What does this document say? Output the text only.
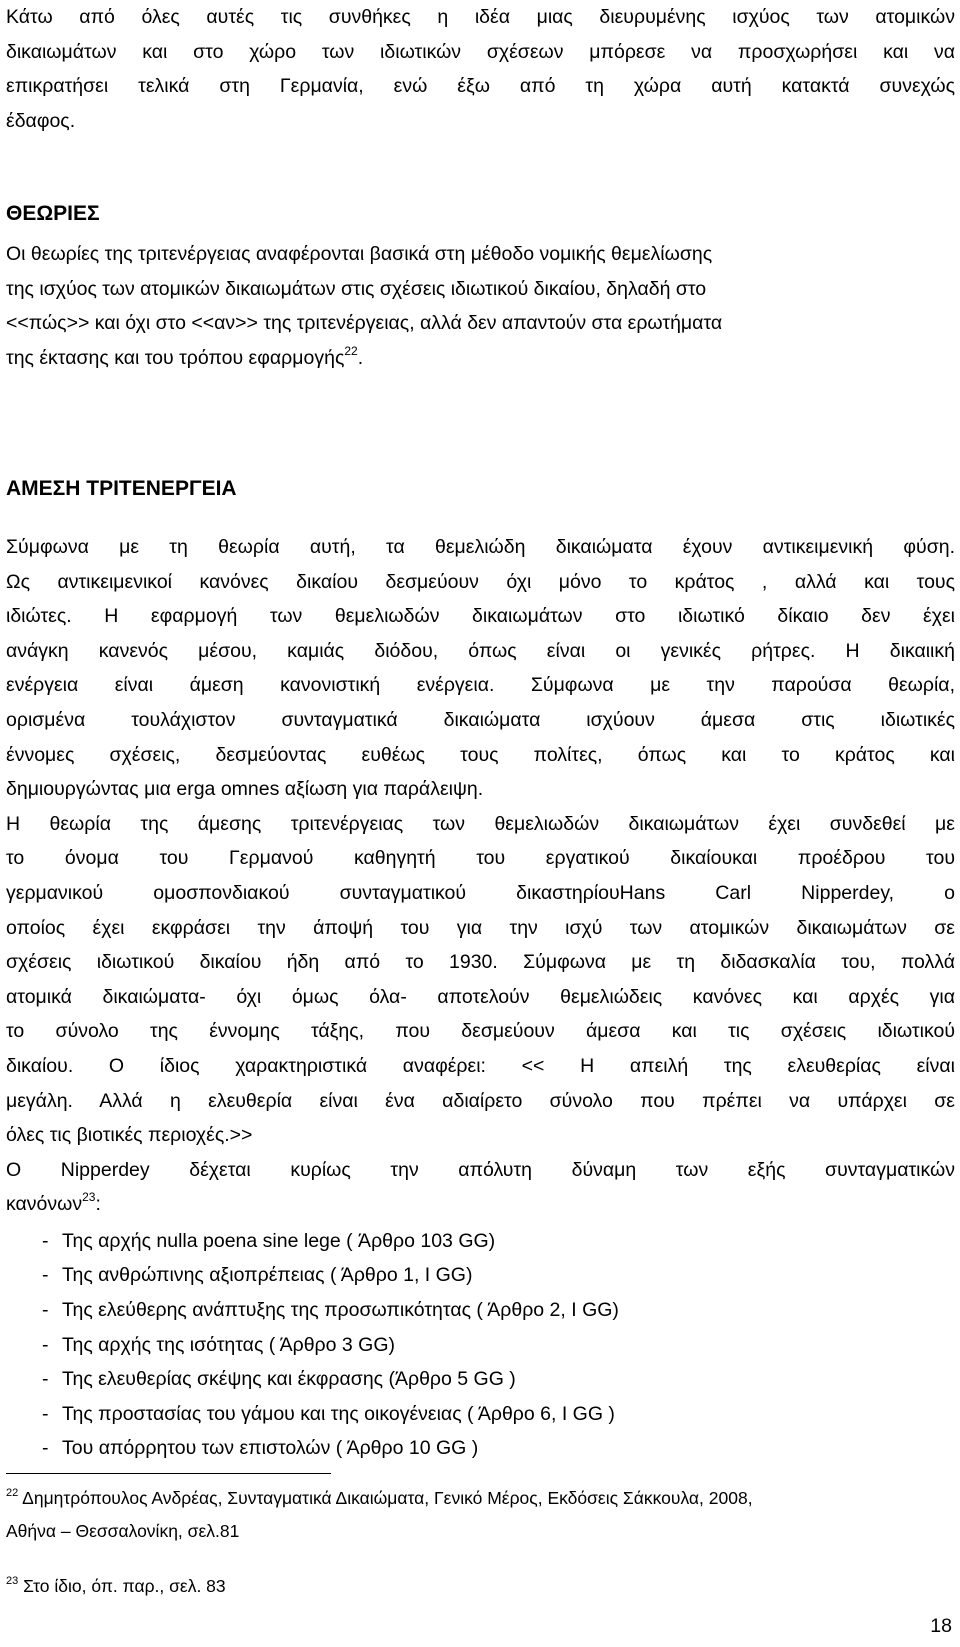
Κάτω από όλες αυτές τις συνθήκες η ιδέα μιας διευρυμένης ισχύος των ατομικών

δικαιωμάτων και στο χώρο των ιδιωτικών σχέσεων μπόρεσε να προσχωρήσει και να

επικρατήσει τελικά στη Γερμανία, ενώ έξω από τη χώρα αυτή κατακτά συνεχώς

έδαφος.

ΘΕΩΡΙΕΣ

Οι θεωρίες της τριτενέργειας αναφέρονται βασικά στη μέθοδο νομικής θεμελίωσης

της ισχύος των ατομικών δικαιωμάτων στις σχέσεις ιδιωτικού δικαίου, δηλαδή στο

<<πώς>> και όχι στο <<αν>> της τριτενέργειας, αλλά δεν απαντούν στα ερωτήματα

της έκτασης και του τρόπου εφαρμογής$^{22}$.

ΑΜΕΣΗ ΤΡΙΤΕΝΕΡΓΕΙΑ

Σύμφωνα με τη θεωρία αυτή, τα θεμελιώδη δικαιώματα έχουν αντικειμενική φύση.

Ως αντικειμενικοί κανόνες δικαίου δεσμεύουν όχι μόνο το κράτος , αλλά και τους

ιδιώτες. Η εφαρμογή των θεμελιωδών δικαιωμάτων στο ιδιωτικό δίκαιο δεν έχει

ανάγκη κανενός μέσου, καμιάς διόδου, όπως είναι οι γενικές ρήτρες. Η δικαιική

ενέργεια είναι άμεση κανονιστική ενέργεια. Σύμφωνα με την παρούσα θεωρία,

ορισμένα τουλάχιστον συνταγματικά δικαιώματα ισχύουν άμεσα στις ιδιωτικές

έννομες σχέσεις, δεσμεύοντας ευθέως τους πολίτες, όπως και το κράτος και

δημιουργώντας μια erga omnes αξίωση για παράλειψη.

Η θεωρία της άμεσης τριτενέργειας των θεμελιωδών δικαιωμάτων έχει συνδεθεί με

το όνομα του Γερμανού καθηγητή του εργατικού δικαίουκαι προέδρου του

γερμανικού ομοσπονδιακού συνταγματικού δικαστηρίουHans Carl Nipperdey, ο

οποίος έχει εκφράσει την άποψή του για την ισχύ των ατομικών δικαιωμάτων σε

σχέσεις ιδιωτικού δικαίου ήδη από το 1930. Σύμφωνα με τη διδασκαλία του, πολλά

ατομικά δικαιώματα- όχι όμως όλα- αποτελούν θεμελιώδεις κανόνες και αρχές για

το σύνολο της έννομης τάξης, που δεσμεύουν άμεσα και τις σχέσεις ιδιωτικού

δικαίου. Ο ίδιος χαρακτηριστικά αναφέρει: << Η απειλή της ελευθερίας είναι

μεγάλη. Αλλά η ελευθερία είναι ένα αδιαίρετο σύνολο που πρέπει να υπάρχει σε

όλες τις βιοτικές περιοχές.>>

Ο Nipperdey δέχεται κυρίως την απόλυτη δύναμη των εξής συνταγματικών

κανόνων$^{23}$:

- Της αρχής nulla poena sine lege ( Άρθρο 103 GG)
- Της ανθρώπινης αξιοπρέπειας ( Άρθρο 1, I GG)
- Της ελεύθερης ανάπτυξης της προσωπικότητας ( Άρθρο 2, I GG)
- Της αρχής της ισότητας ( Άρθρο 3 GG)
- Της ελευθερίας σκέψης και έκφρασης (Άρθρο 5 GG )
- Της προστασίας του γάμου και της οικογένειας ( Άρθρο 6, I GG )
- Του απόρρητου των επιστολών ( Άρθρο 10 GG )

$^{22}$ Δημητρόπουλος Ανδρέας, Συνταγματικά Δικαιώματα, Γενικό Μέρος, Εκδόσεις Σάκκουλα, 2008,

Αθήνα – Θεσσαλονίκη, σελ.81

$^{23}$ Στο ίδιο, όπ. παρ., σελ. 83

18
